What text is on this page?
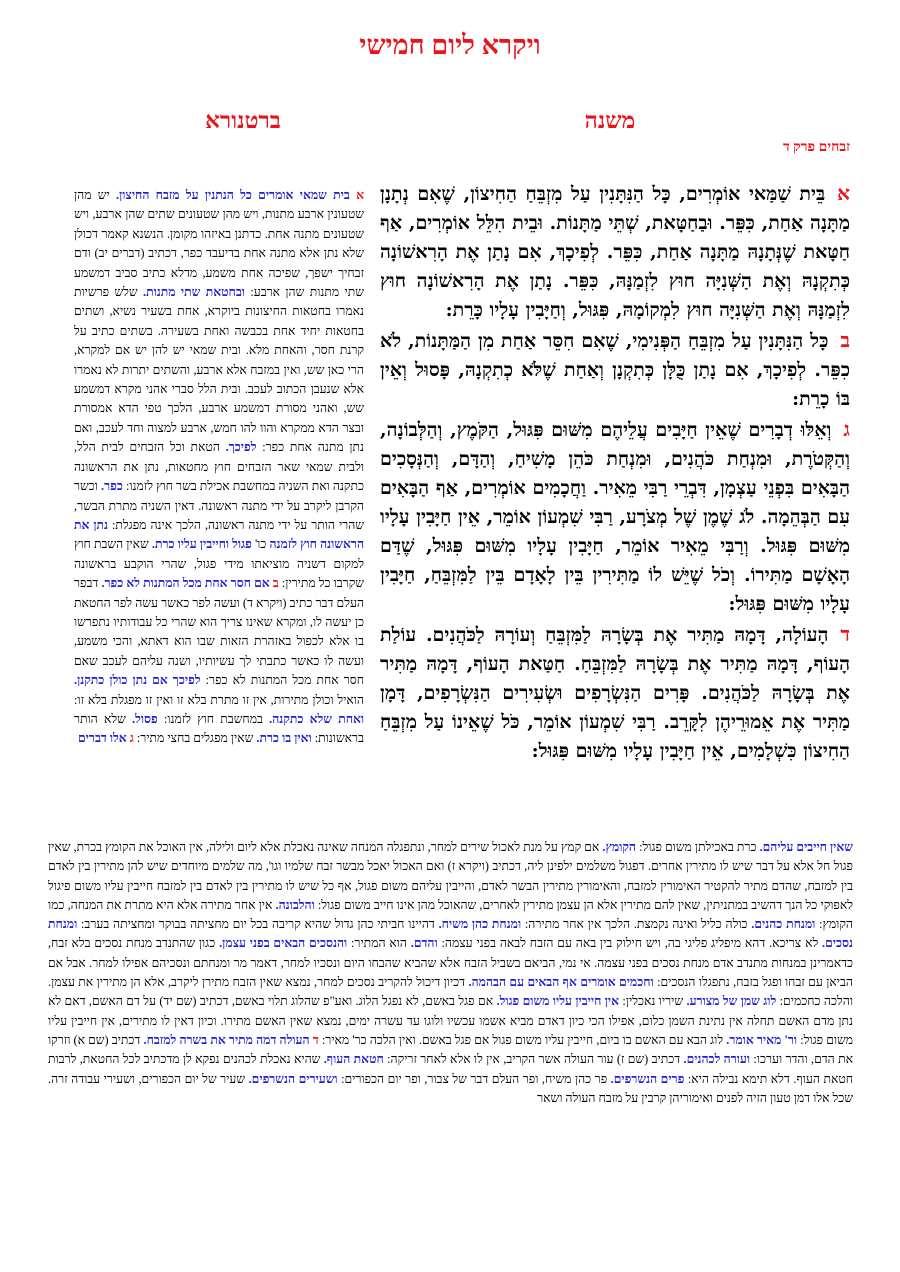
ויקרא ליום חמישי
משנה
ברטנורא
זבחים פרק ד

אבֵּית שַׁמַּאי אוֹמְרִים, כָּל הַנִּתָּנִין עַל מִזְבֵּחַ הַחִיצוֹן, שֶׁאִם נְתָנָן מַתָּנָה אַחַת, כִּפֵּר. וּבַחַטָּאת, שְׁתֵּי מַתָּנוֹת. וּבֵית הִלֵּל אוֹמְרִים, אַף חַטָּאת שֶׁנְּתָנָהּ מַתָּנָה אַחַת, כִּפֵּר. לְפִיכָךְ, אִם נָתַן אֶת הָרִאשׁוֹנָה כְּתִקְנָהּ וְאֶת הַשְּׁנִיָּה חוּץ לִזְמַנָּהּ, כִּפֵּר. נָתַן אֶת הָרִאשׁוֹנָה חוּץ לִזְמַנָּהּ וְאֶת הַשְּׁנִיָּה חוּץ לִמְקוֹמָהּ, פִּגּוּל, וְחַיָּבִין עָלָיו כָּרֵת:

בכָּל הַנִּתָּנִין עַל מִזְבֵּחַ הַפְּנִימִי, שֶׁאִם חִסֵּר אַחַת מִן הַמַּתָּנוֹת, לֹא כִפֵּר. לְפִיכָךְ, אִם נָתַן כֻּלָּן כְּתִקְנָן וְאַחַת שֶׁלֹּא כְתִקְנָהּ, פָּסוּל וְאֵין בּוֹ כָרֵת:

גוְאֵלּוּ דְבָרִים שֶׁאֵין חַיָּבִים עֲלֵיהֶם מִשּׁוּם פִּגּוּל, הַקֹּמֶץ, וְהַלְּבוֹנָה, וְהַקְּטֹרֶת, וּמִנְחַת כֹּהֲנִים, וּמִנְחַת כֹּהֵן מָשִׁיחַ, וְהַדָּם, וְהַנְּסָכִים הַבָּאִים בִּפְנֵי עַצְמָן, דִּבְרֵי רַבִּי מֵאִיר. וַחֲכָמִים אוֹמְרִים, אַף הַבָּאִים עִם הַבְּהֵמָה. לֹג שֶׁמֶן שֶׁל מְצֹרָע, רַבִּי שִׁמְעוֹן אוֹמֵר, אֵין חַיָּבִין עָלָיו מִשּׁוּם פִּגּוּל. וְרַבִּי מֵאִיר אוֹמֵר, חַיָּבִין עָלָיו מִשּׁוּם פִּגּוּל, שֶׁדַּם הָאָשָׁם מַתִּירוֹ. וְכֹל שֶׁיֵּשׁ לוֹ מַתִּירִין בֵּין לָאָדָם בֵּין לַמִּזְבֵּחַ, חַיָּבִין עָלָיו מִשּׁוּם פִּגּוּל:

דהָעוֹלָה, דָּמָהּ מַתִּיר אֶת בְּשָׂרָהּ לַמִּזְבֵּחַ וְעוֹרָהּ לַכֹּהֲנִים. עוֹלַת הָעוֹף, דָּמָהּ מַתִּיר אֶת בְּשָׂרָהּ לַמִּזְבֵּחַ. חַטַּאת הָעוֹף, דָּמָהּ מַתִּיר אֶת בְּשָׂרָהּ לַכֹּהֲנִים. פָּרִים הַנִּשְׂרָפִים וּשְׂעִירִים הַנִּשְׂרָפִים, דָּמָן מַתִּיר אֶת אֵמוּרֵיהֶן לִקָּרֵב. רַבִּי שִׁמְעוֹן אוֹמֵר, כֹּל שֶׁאֵינוֹ עַל מִזְבֵּחַ הַחִיצוֹן כִּשְׁלָמִים, אֵין חַיָּבִין עָלָיו מִשּׁוּם פִּגּוּל:

א בית שמאי אומרים כל הנתנין על מזבח החיצון. יש מהן שטעונין ארבע מתנות, ויש מהן שטעונים שתים שהן ארבע, ויש שטעונים מתנה אחת. כדתנן באיזהו מקומן. הנשנא קאמר דכולן שלא נתן אלא מתנה אחת בדיעבד כפר, דכתיב (דברים יב) ודם זבחיך ישפך, שפיכה אחת משמע, מדלא כתיב סביב דמשמע שתי מתנות שהן ארבע: ובחטאת שתי מתנות. שלש פרשיות נאמרו בחטאות החיצונות ביוקרא, אחת בשעיר נשיא, ושתים בחטאות יחיד אחת בכבשה ואחת בשעירה. בשתים כתיב על קרנת חסר, והאחת מלא. ובית שמאי יש להן יש אם למקרא, הרי כאן שש, ואין במזבח אלא ארבע, והשתים יתרות לא נאמרו אלא שנעבן הכתוב לעכב. ובית הלל סברי אהני מקרא דמשמע שש, ואהני מסורת דמשמע ארבע, הלכך טפי הדא אמסורת ובצר הדא ממקרא והוו להו חמש, ארבע למצוה וחד לעכב, ואם נתן מתנה אחת כפר: לפיכך. הטאת וכל הזבחים לבית הלל, ולבית שמאי שאר הזבחים חוץ מחטאות, נתן את הראשונה כתקנה ואת השניה במחשבת אכילת בשר חוץ לזמנו: כפר. וכשר הקרבן ליקרב על ידי מתנה ראשונה. דאין השניה מתרת הבשר, שהרי הותר על ידי מתנה ראשונה, הלכך אינה מפגלת: נתן את הראשונה חוץ לזמנה כו' פגול וחייבין עליו כרת. שאין השבת חוץ למקום דשניה מוציאתו מידי פגול, שהרי הוקבע בראשונה שקרבו כל מתירין: ב אם חסר אחת מכל המתנות לא כפר. דבפר העלם דבר כתיב (ויקרא ד) ועשה לפר כאשר עשה לפר החטאת כן יעשה לו, ומקרא שאינו צריך הוא שהרי כל עבודותיו נתפרשו בו אלא לכפול באזהרת הזאות שבו הוא דאתא, והכי משמע, ועשה לו כאשר כתבתי לך עשיותיו, ושנה עליהם לעכב שאם חסר אחת מכל המתנות לא כפר: לפיכך אם נתן כולן כתקנן. הואיל וכולן מתירות, אין זו מתרת בלא זו ואין זו מפגלת בלא זו: ואחת שלא כתקנה. במחשבת חוץ לזמנו: פסול. שלא הותר בראשונות: ואין בו כרת. שאין מפגלים בחצי מתיר: ג אלו דברים
שאין חייבים עליהם. כרת באכילתן משום פגול: הקומץ. אם קמץ על מנת לאכול שירים למחר, ונתפגלה המנחה שאינה נאכלת אלא ליום ולילה, אין האוכל את הקומץ בכרת, שאין פגול חל אלא על דבר שיש לו מתירין אחרים. דפגול משלמים ילפינן ליה, דכתיב (ויקרא ז) ואם האכול יאכל מבשר זבח שלמיו וגו', מה שלמים מיוחדים שיש להן מתירין בין לאדם בין למזבח, שהדם מתיר להקטיר האימורין למזבח, והאימורין מתירין הבשר לאדם, והייבין עליהם משום פגול, אף כל שיש לו מתירין בין לאדם בין למזבח חייבין עליו משום פיגול לאפוקי כל הנך דהשיב במתניתין, שאין להם מתירין אלא הן עצמן מתירין לאחרים, שהאוכל מהן אינו חייב משום פגול: והלבונה. אין אחר מתירה אלא היא מתרת את המנחה, כמו הקומץ: ומנחת כהנים. כולה כליל ואינה נקמצת. הלכך אין אחר מתירה: ומנחת כהן משיח. דהיינו חביתי כהן גדול שהיא קריבה בכל יום מחציתה בבוקר ומחציתה בערב: ומנחת נסכים. לא צריכא. דהא מיפליג פליגי בה, ויש חילוק בין באה עם הזבח לבאה בפני עצמה: והדם. הוא המתיר: והנסכים הבאים בפני עצמן. כגון שהתנדב מנחת נסכים בלא זבח, כדאמרינן במנחות מתנדב אדם מנחת נסכים בפני עצמה. אי נמי, הביאם בשביל הזבח אלא שהביא שהבחו היום ונסכיו למחר, דאמר מר ומנחתם ונסכיהם אפילו למחר. אבל אם הביאן עם זבחו ופגל בזבח, נתפגלו הנסכים: וחכמים אומרים אף הבאים עם הבהמה. דכיון דיכול להקריב נסכים למחר, נמצא שאין הזבח מתירן ליקרב, אלא הן מתירין את עצמן. והלכה כחכמים: לוג שמן של מצורע. שיריו נאכלין: אין חייבין עליו משום פגול. אם פגל באשם, לא נפגל הלוג. ואע"פ שהלוג תלוי באשם, דכתיב (שם יד) על דם האשם, דאם לא נתן מדם האשם תחלה אין נתינת השמן כלום, אפילו הכי כיון דאדם מביא אשמו עכשיו ולוגו עד עשרה ימים, נמצא שאין האשם מתירו. וכיון דאין לו מתירים, אין חייבין עליו משום פגול: ור' מאיר אומר. לוג הבא עם האשם בו ביום, חייבין עליו משום פגול אם פגל באשם. ואין הלכה כר' מאיר: ד העולה דמה מתיר את בשרה למזבח. דכתיב (שם א) וזרקו את הדם, והדר וערכו: ועורה לכהנים. דכתיב (שם ז) עור העולה אשר הקריב, אין לו אלא לאחר זריקה: חטאת העוף. שהיא נאכלת לכהנים נפקא לן מדכתיב לכל החטאת, לרבות חטאת העוף. דלא תימא נבילה היא: פרים הנשרפים. פר כהן משיח, ופר העלם דבר של צבור, ופר יום הכפורים: ושעירים הנשרפים. שעיר של יום הכפורים, ושעירי עבודה זרה. שכל אלו דמן טעון הזיה לפנים ואימוריהן קרבין על מזבח העולה ושאר
